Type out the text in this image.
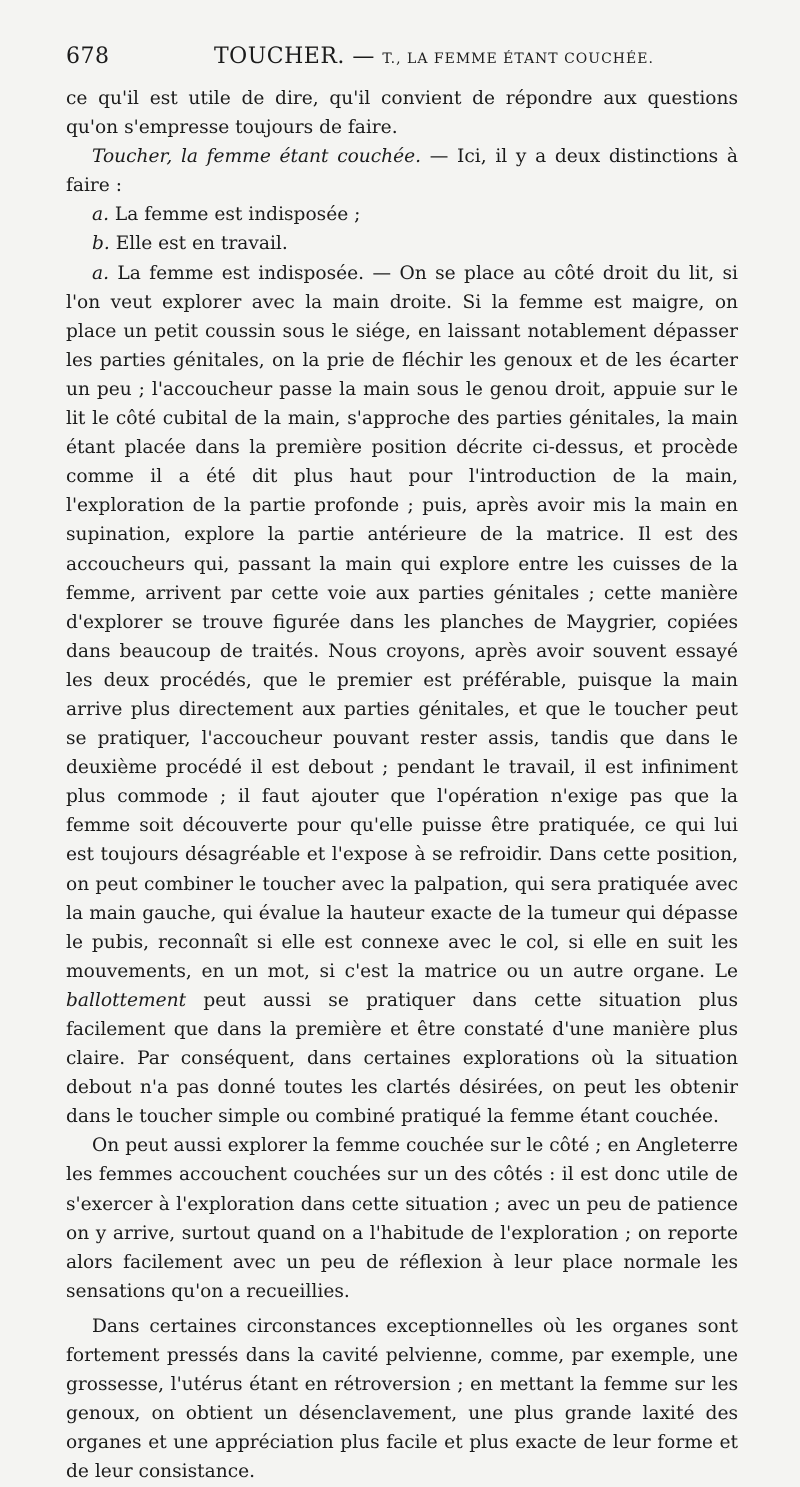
678	TOUCHER. — T., LA FEMME ÉTANT COUCHÉE.

ce qu'il est utile de dire, qu'il convient de répondre aux questions qu'on s'empresse toujours de faire.

Toucher, la femme étant couchée. — Ici, il y a deux distinctions à faire :

a. La femme est indisposée ;

b. Elle est en travail.

a. La femme est indisposée. — On se place au côté droit du lit, si l'on veut explorer avec la main droite. Si la femme est maigre, on place un petit coussin sous le siége, en laissant notablement dépasser les parties génitales, on la prie de fléchir les genoux et de les écarter un peu ; l'accoucheur passe la main sous le genou droit, appuie sur le lit le côté cubital de la main, s'approche des parties génitales, la main étant placée dans la première position décrite ci-dessus, et procède comme il a été dit plus haut pour l'introduction de la main, l'exploration de la partie profonde ; puis, après avoir mis la main en supination, explore la partie antérieure de la matrice. Il est des accoucheurs qui, passant la main qui explore entre les cuisses de la femme, arrivent par cette voie aux parties génitales ; cette manière d'explorer se trouve figurée dans les planches de Maygrier, copiées dans beaucoup de traités. Nous croyons, après avoir souvent essayé les deux procédés, que le premier est préférable, puisque la main arrive plus directement aux parties génitales, et que le toucher peut se pratiquer, l'accoucheur pouvant rester assis, tandis que dans le deuxième procédé il est debout ; pendant le travail, il est infiniment plus commode ; il faut ajouter que l'opération n'exige pas que la femme soit découverte pour qu'elle puisse être pratiquée, ce qui lui est toujours désagréable et l'expose à se refroidir. Dans cette position, on peut combiner le toucher avec la palpation, qui sera pratiquée avec la main gauche, qui évalue la hauteur exacte de la tumeur qui dépasse le pubis, reconnaît si elle est connexe avec le col, si elle en suit les mouvements, en un mot, si c'est la matrice ou un autre organe. Le ballottement peut aussi se pratiquer dans cette situation plus facilement que dans la première et être constaté d'une manière plus claire. Par conséquent, dans certaines explorations où la situation debout n'a pas donné toutes les clartés désirées, on peut les obtenir dans le toucher simple ou combiné pratiqué la femme étant couchée.

On peut aussi explorer la femme couchée sur le côté ; en Angleterre les femmes accouchent couchées sur un des côtés : il est donc utile de s'exercer à l'exploration dans cette situation ; avec un peu de patience on y arrive, surtout quand on a l'habitude de l'exploration ; on reporte alors facilement avec un peu de réflexion à leur place normale les sensations qu'on a recueillies.

Dans certaines circonstances exceptionnelles où les organes sont fortement pressés dans la cavité pelvienne, comme, par exemple, une grossesse, l'utérus étant en rétroversion ; en mettant la femme sur les genoux, on obtient un désenclavement, une plus grande laxité des organes et une appréciation plus facile et plus exacte de leur forme et de leur consistance.
